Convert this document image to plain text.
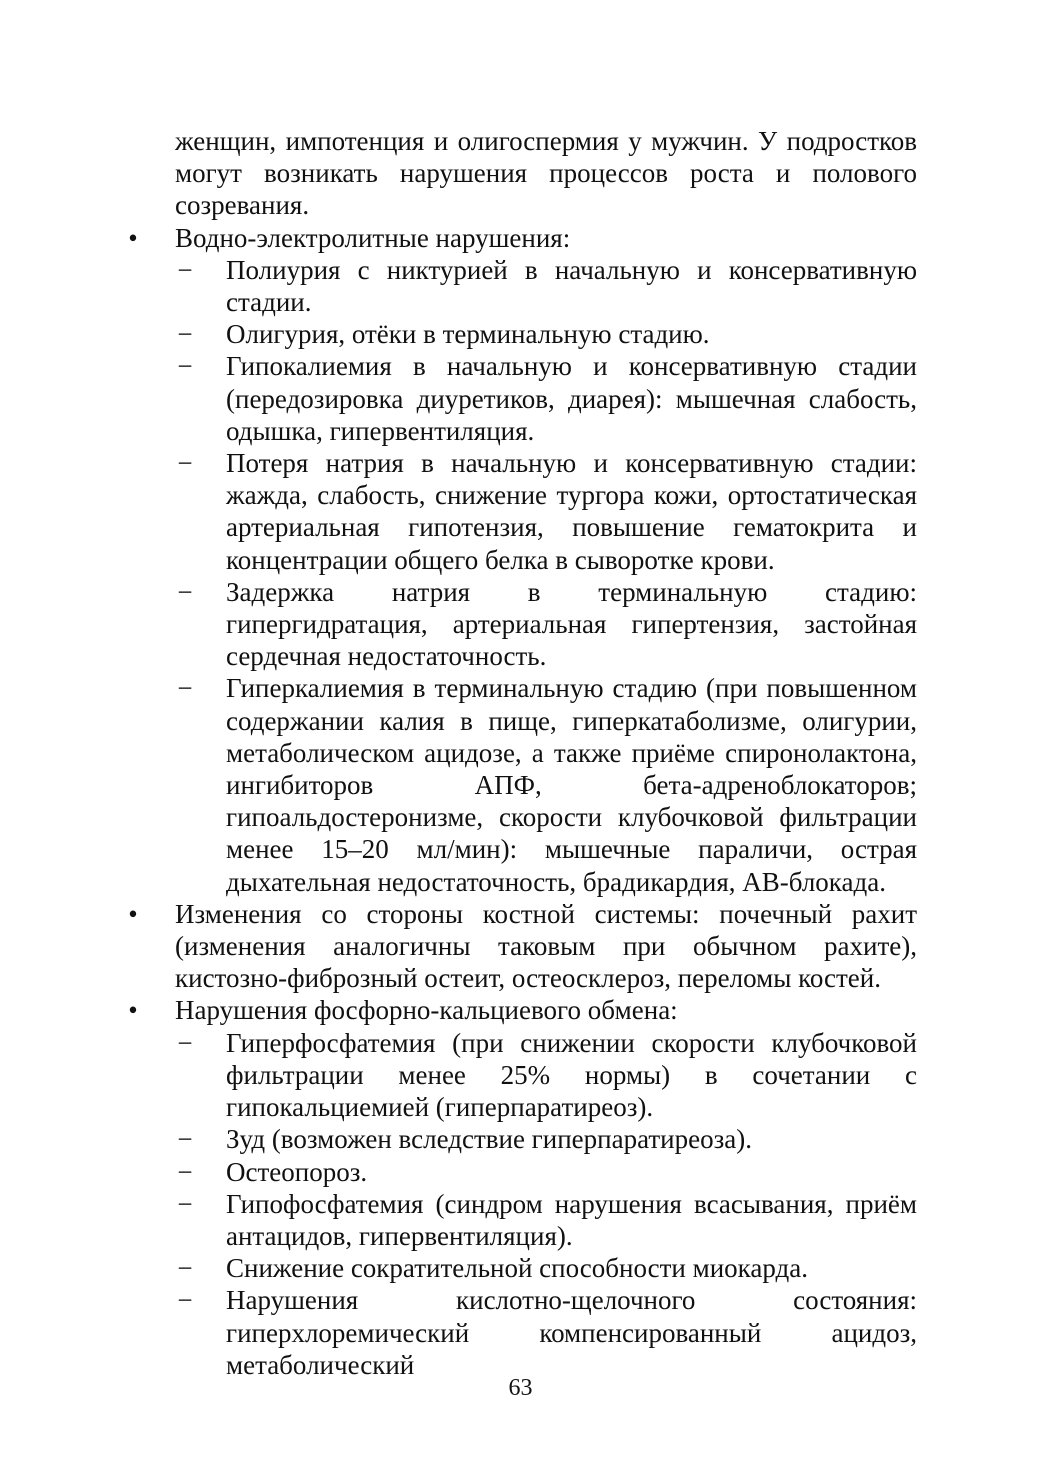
женщин, импотенция и олигоспермия у мужчин. У подростков могут возникать нарушения процессов роста и полового созревания.

• Водно-электролитные нарушения:
− Полиурия с никтурией в начальную и консервативную стадии.
− Олигурия, отёки в терминальную стадию.
− Гипокалиемия в начальную и консервативную стадии (передозировка диуретиков, диарея): мышечная слабость, одышка, гипервентиляция.
− Потеря натрия в начальную и консервативную стадии: жажда, слабость, снижение тургора кожи, ортостатическая артериальная гипотензия, повышение гематокрита и концентрации общего белка в сыворотке крови.
− Задержка натрия в терминальную стадию: гипергидратация, артериальная гипертензия, застойная сердечная недостаточность.
− Гиперкалиемия в терминальную стадию (при повышенном содержании калия в пище, гиперкатаболизме, олигурии, метаболическом ацидозе, а также приёме спиронолактона, ингибиторов АПФ, бета-адреноблокаторов; гипоальдостеронизме, скорости клубочковой фильтрации менее 15–20 мл/мин): мышечные параличи, острая дыхательная недостаточность, брадикардия, АВ-блокада.
• Изменения со стороны костной системы: почечный рахит (изменения аналогичны таковым при обычном рахите), кистозно-фиброзный остеит, остеосклероз, переломы костей.
• Нарушения фосфорно-кальциевого обмена:
− Гиперфосфатемия (при снижении скорости клубочковой фильтрации менее 25% нормы) в сочетании с гипокальциемией (гиперпаратиреоз).
− Зуд (возможен вследствие гиперпаратиреоза).
− Остеопороз.
− Гипофосфатемия (синдром нарушения всасывания, приём антацидов, гипервентиляция).
− Снижение сократительной способности миокарда.
− Нарушения кислотно-щелочного состояния: гиперхлоремический компенсированный ацидоз, метаболический
63
